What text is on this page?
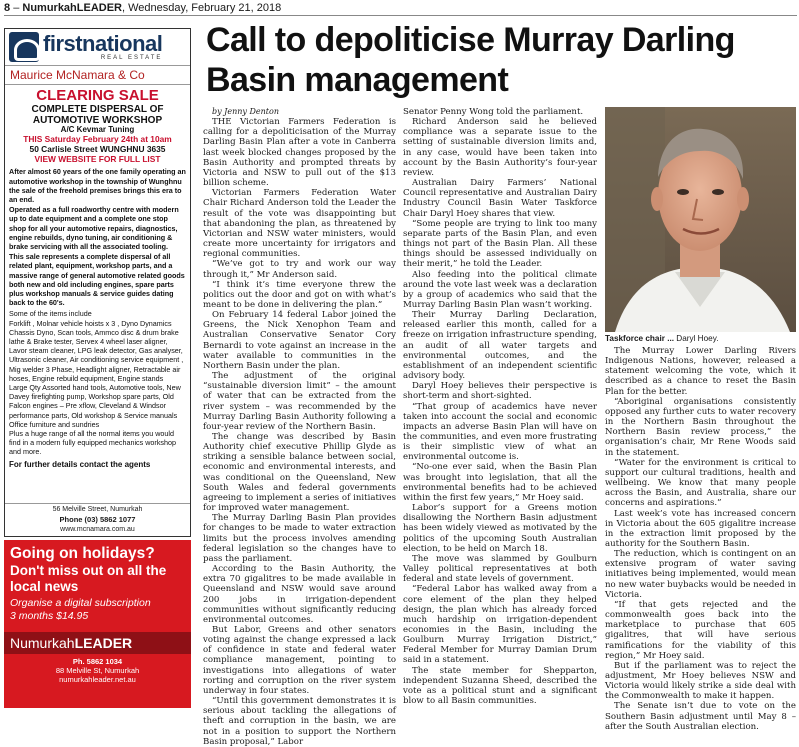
8 – NumurkahLEADER, Wednesday, February 21, 2018
firstnational
REAL ESTATE
Maurice McNamara & Co
CLEARING SALE
COMPLETE DISPERSAL OF
AUTOMOTIVE WORKSHOP
A/C Kevmar Tuning
THIS Saturday February 24th at 10am
50 Carlisle Street WUNGHNU 3635
VIEW WEBSITE FOR FULL LIST
After almost 60 years of the one family operating an automotive workshop in the township of Wunghnu the sale of the freehold premises brings this era to an end.
Operated as a full roadworthy centre with modern up to date equipment and a complete one stop shop for all your automotive repairs, diagnostics, engine rebuilds, dyno tuning, air conditioning & brake servicing with all the associated tooling.
This sale represents a complete dispersal of all related plant, equipment, workshop parts, and a massive range of general automotive related goods both new and old including engines, spare parts plus workshop manuals & service guides dating back to the 60's.
Some of the items include
Forklift , Molnar vehicle hoists x 3 , Dyno Dynamics Chassis Dyno, Scan tools, Ammco disc & drum brake lathe & Brake tester, Servex 4 wheel laser aligner, Lavor steam cleaner, LPG leak detector, Gas analyser, Ultrasonic cleaner, Air conditioning service equipment , Mig welder 3 Phase, Headlight aligner, Retractable air hoses, Engine rebuild equipment, Engine stands
Large Qty Assorted hand tools, Automotive tools, New Davey firefighting pump, Workshop spare parts, Old Falcon engines – Pre xflow, Cleveland & Windsor performance parts, Old workshop & Service manuals Office furniture and sundries
Plus a huge range of all the normal items you would find in a modern fully equipped mechanics workshop and more.
For further details contact the agents
56 Melville Street, Numurkah
Phone (03) 5862 1077
www.mcnamara.com.au
Going on holidays?
Don't miss out on all the
local news
Organise a digital subscription
3 months $14.95
NumurkahLEADER
Ph. 5862 1034
88 Melville St, Numurkah
numurkahleader.net.au
Call to depoliticise Murray Darling Basin management

by Jenny Denton

THE Victorian Farmers Federation is calling for a depoliticisation of the Murray Darling Basin Plan after a vote in Canberra last week blocked changes proposed by the Basin Authority and prompted threats by Victoria and NSW to pull out of the $13 billion scheme.

Victorian Farmers Federation Water Chair Richard Anderson told the Leader the result of the vote was disappointing but that abandoning the plan, as threatened by Victorian and NSW water ministers, would create more uncertainty for irrigators and regional communities.

“We’ve got to try and work our way through it,” Mr Anderson said.

“I think it’s time everyone threw the politics out the door and got on with what’s meant to be done in delivering the plan.”

On February 14 federal Labor joined the Greens, the Nick Xenophon Team and Australian Conservative Senator Cory Bernardi to vote against an increase in the water available to communities in the Northern Basin under the plan.

The adjustment of the original “sustainable diversion limit” – the amount of water that can be extracted from the river system – was recommended by the Murray Darling Basin Authority following a four-year review of the Northern Basin.

The change was described by Basin Authority chief executive Phillip Glyde as striking a sensible balance between social, economic and environmental interests, and was conditional on the Queensland, New South Wales and federal governments agreeing to implement a series of initiatives for improved water management.

The Murray Darling Basin Plan provides for changes to be made to water extraction limits but the process involves amending federal legislation so the changes have to pass the parliament.

According to the Basin Authority, the extra 70 gigalitres to be made available in Queensland and NSW would save around 200 jobs in irrigation-dependent communities without significantly reducing environmental outcomes.

But Labor, Greens and other senators voting against the change expressed a lack of confidence in state and federal water compliance management, pointing to investigations into allegations of water rorting and corruption on the river system underway in four states.

“Until this government demonstrates it is serious about tackling the allegations of theft and corruption in the basin, we are not in a position to support the Northern Basin proposal,” Labor

Senator Penny Wong told the parliament.

Richard Anderson said he believed compliance was a separate issue to the setting of sustainable diversion limits and, in any case, would have been taken into account by the Basin Authority’s four-year review.

Australian Dairy Farmers’ National Council representative and Australian Dairy Industry Council Basin Water Taskforce Chair Daryl Hoey shares that view.

“Some people are trying to link too many separate parts of the Basin Plan, and even things not part of the Basin Plan. All these things should be assessed individually on their merit,” he told the Leader.

Also feeding into the political climate around the vote last week was a declaration by a group of academics who said that the Murray Darling Basin Plan wasn’t working.

Their Murray Darling Declaration, released earlier this month, called for a freeze on irrigation infrastructure spending, an audit of all water targets and environmental outcomes, and the establishment of an independent scientific advisory body.

Daryl Hoey believes their perspective is short-term and short-sighted.

“That group of academics have never taken into account the social and economic impacts an adverse Basin Plan will have on the communities, and even more frustrating is their simplistic view of what an environmental outcome is.

“No-one ever said, when the Basin Plan was brought into legislation, that all the environmental benefits had to be achieved within the first few years,” Mr Hoey said.

Labor’s support for a Greens motion disallowing the Northern Basin adjustment has been widely viewed as motivated by the politics of the upcoming South Australian election, to be held on March 18.

The move was slammed by Goulburn Valley political representatives at both federal and state levels of government.

“Federal Labor has walked away from a core element of the plan they helped design, the plan which has already forced much hardship on irrigation-dependent economies in the Basin, including the Goulburn Murray Irrigation District,” Federal Member for Murray Damian Drum said in a statement.

The state member for Shepparton, independent Suzanna Sheed, described the vote as a political stunt and a significant blow to all Basin communities.

Taskforce chair ... Daryl Hoey.

The Murray Lower Darling Rivers Indigenous Nations, however, released a statement welcoming the vote, which it described as a chance to reset the Basin Plan for the better.

“Aboriginal organisations consistently opposed any further cuts to water recovery in the Northern Basin throughout the Northern Basin review process,” the organisation’s chair, Mr Rene Woods said in the statement.

“Water for the environment is critical to support our cultural traditions, health and wellbeing. We know that many people across the Basin, and Australia, share our concerns and aspirations.”

Last week’s vote has increased concern in Victoria about the 605 gigalitre increase in the extraction limit proposed by the authority for the Southern Basin.

The reduction, which is contingent on an extensive program of water saving initiatives being implemented, would mean no new water buybacks would be needed in Victoria.

“If that gets rejected and the commonwealth goes back into the marketplace to purchase that 605 gigalitres, that will have serious ramifications for the viability of this region,” Mr Hoey said.

But if the parliament was to reject the adjustment, Mr Hoey believes NSW and Victoria would likely strike a side deal with the Commonwealth to make it happen.

The Senate isn’t due to vote on the Southern Basin adjustment until May 8 – after the South Australian election.
